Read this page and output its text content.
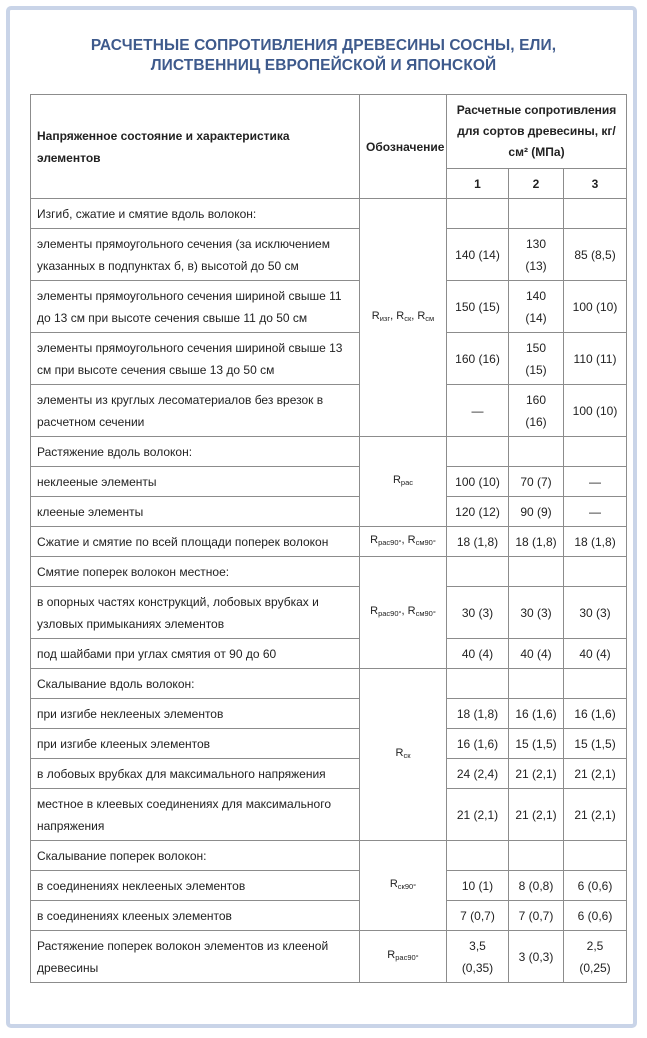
РАСЧЕТНЫЕ СОПРОТИВЛЕНИЯ ДРЕВЕСИНЫ СОСНЫ, ЕЛИ,
ЛИСТВЕННИЦ ЕВРОПЕЙСКОЙ И ЯПОНСКОЙ
Напряженное состояние и характеристика элементов	Обозначение	Расчетные сопротивления для сортов древесины, кг/см² (МПа)		
		1	2	3
Изгиб, сжатие и смятие вдоль волокон:	$R_{изг}$, $R_{ск}$, $R_{см}$			
элементы прямоугольного сечения (за исключением указанных в подпунктах б, в) высотой до 50 см		140 (14)	130 (13)	85 (8,5)
элементы прямоугольного сечения шириной свыше 11 до 13 см при высоте сечения свыше 11 до 50 см		150 (15)	140 (14)	100 (10)
элементы прямоугольного сечения шириной свыше 13 см при высоте сечения свыше 13 до 50 см		160 (16)	150 (15)	110 (11)
элементы из круглых лесоматериалов без врезок в расчетном сечении		—	160 (16)	100 (10)
Растяжение вдоль волокон:	$R_{рас}$			
неклееные элементы		100 (10)	70 (7)	—
клееные элементы		120 (12)	90 (9)	—
Сжатие и смятие по всей площади поперек волокон	$R_{рас90^\circ}$, $R_{см90^\circ}$	18 (1,8)	18 (1,8)	18 (1,8)
Смятие поперек волокон местное:	$R_{рас90^\circ}$, $R_{см90^\circ}$			
в опорных частях конструкций, лобовых врубках и узловых примыканиях элементов		30 (3)	30 (3)	30 (3)
под шайбами при углах смятия от 90 до 60		40 (4)	40 (4)	40 (4)
Скалывание вдоль волокон:	$R_{ск}$			
при изгибе неклееных элементов		18 (1,8)	16 (1,6)	16 (1,6)
при изгибе клееных элементов		16 (1,6)	15 (1,5)	15 (1,5)
в лобовых врубках для максимального напряжения		24 (2,4)	21 (2,1)	21 (2,1)
местное в клеевых соединениях для максимального напряжения		21 (2,1)	21 (2,1)	21 (2,1)
Скалывание поперек волокон:	$R_{ск90^\circ}$			
в соединениях неклееных элементов		10 (1)	8 (0,8)	6 (0,6)
в соединениях клееных элементов		7 (0,7)	7 (0,7)	6 (0,6)
Растяжение поперек волокон элементов из клееной древесины	$R_{рас90^\circ}$	3,5 (0,35)	3 (0,3)	2,5 (0,25)
